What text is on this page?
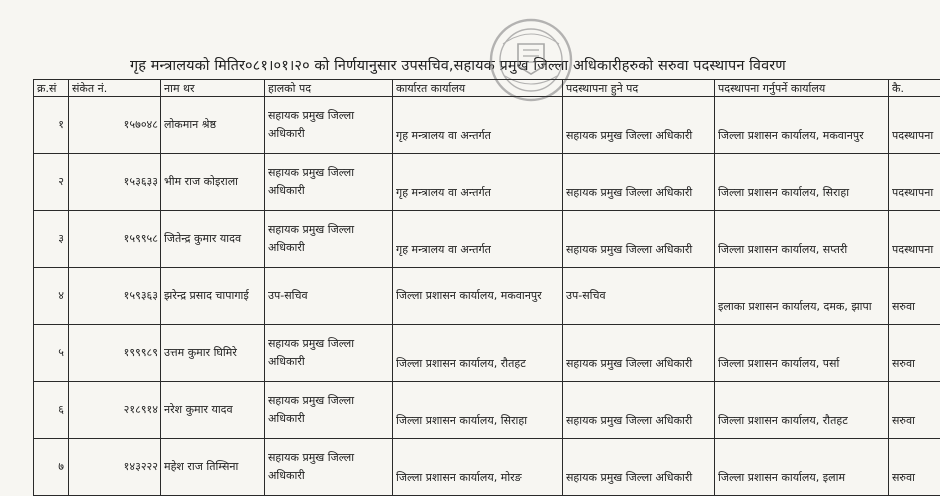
गृह मन्त्रालयको मितिर०८१।०१।२० को निर्णयानुसार उपसचिव,सहायक प्रमुख जिल्ला अधिकारीहरुको सरुवा पदस्थापन विवरण
क्र.सं	संकेत नं.	नाम थर	हालको पद	कार्यारत कार्यालय	पदस्थापना हुने पद	पदस्थापना गर्नुपर्ने कार्यालय	कै.
१	१५७०४८	लोकमान श्रेष्ठ	सहायक प्रमुख जिल्ला अधिकारी	गृह मन्त्रालय वा अन्तर्गत	सहायक प्रमुख जिल्ला अधिकारी	जिल्ला प्रशासन कार्यालय, मकवानपुर	पदस्थापना
२	१५३६३३	भीम राज कोइराला	सहायक प्रमुख जिल्ला अधिकारी	गृह मन्त्रालय वा अन्तर्गत	सहायक प्रमुख जिल्ला अधिकारी	जिल्ला प्रशासन कार्यालय, सिराहा	पदस्थापना
३	१५९९५८	जितेन्द्र कुमार यादव	सहायक प्रमुख जिल्ला अधिकारी	गृह मन्त्रालय वा अन्तर्गत	सहायक प्रमुख जिल्ला अधिकारी	जिल्ला प्रशासन कार्यालय, सप्तरी	पदस्थापना
४	१५९३६३	झरेन्द्र प्रसाद चापागाई	उप-सचिव	जिल्ला प्रशासन कार्यालय, मकवानपुर	उप-सचिव	इलाका प्रशासन कार्यालय, दमक, झापा	सरुवा
५	१९९९८९	उत्तम कुमार घिमिरे	सहायक प्रमुख जिल्ला अधिकारी	जिल्ला प्रशासन कार्यालय, रौतहट	सहायक प्रमुख जिल्ला अधिकारी	जिल्ला प्रशासन कार्यालय, पर्सा	सरुवा
६	२१८९१४	नरेश कुमार यादव	सहायक प्रमुख जिल्ला अधिकारी	जिल्ला प्रशासन कार्यालय, सिराहा	सहायक प्रमुख जिल्ला अधिकारी	जिल्ला प्रशासन कार्यालय, रौतहट	सरुवा
७	१४३२२२	महेश राज तिम्सिना	सहायक प्रमुख जिल्ला अधिकारी	जिल्ला प्रशासन कार्यालय, मोरङ	सहायक प्रमुख जिल्ला अधिकारी	जिल्ला प्रशासन कार्यालय, इलाम	सरुवा
